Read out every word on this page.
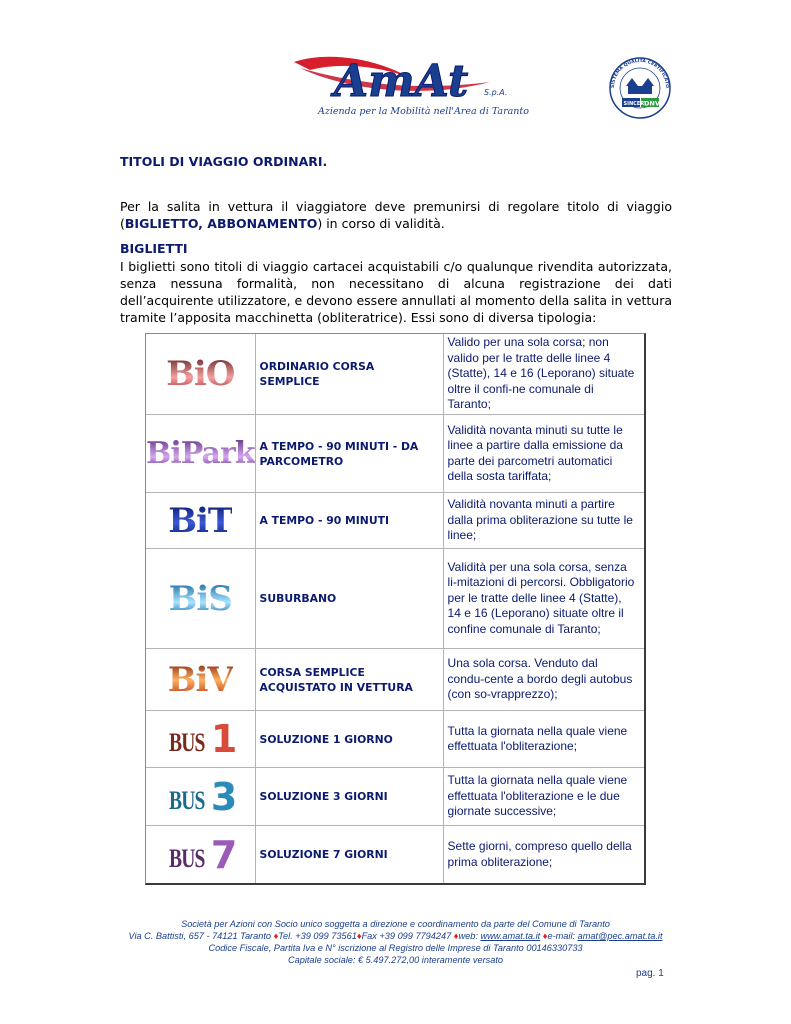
AmAt S.p.A.
Azienda per la Mobilità nell'Area di Taranto
SINCERT
DNV
SISTEMA QUALITÀ CERTIFICATO
TITOLI DI VIAGGIO ORDINARI.
Per la salita in vettura il viaggiatore deve premunirsi di regolare titolo di viaggio (BIGLIETTO, ABBONAMENTO) in corso di validità.
BIGLIETTI
I biglietti sono titoli di viaggio cartacei acquistabili c/o qualunque rivendita autorizzata, senza nessuna formalità, non necessitano di alcuna registrazione dei dati dell’acquirente utilizzatore, e devono essere annullati al momento della salita in vettura tramite l’apposita macchinetta (obliteratrice). Essi sono di diversa tipologia:
BiO	ORDINARIO CORSA SEMPLICE	Valido per una sola corsa; non valido per le tratte delle linee 4 (Statte), 14 e 16 (Leporano) situate oltre il confi-ne comunale di Taranto;
BiPark	A TEMPO - 90 MINUTI - DA PARCOMETRO	Validità novanta minuti su tutte le linee a partire dalla emissione da parte dei parcometri automatici della sosta tariffata;
BiT	A TEMPO - 90 MINUTI	Validità novanta minuti a partire dalla prima obliterazione su tutte le linee;
BiS	SUBURBANO	Validità per una sola corsa, senza li-mitazioni di percorsi. Obbligatorio per le tratte delle linee 4 (Statte), 14 e 16 (Leporano) situate oltre il confine comunale di Taranto;
BiV	CORSA SEMPLICE ACQUISTATO IN VETTURA	Una sola corsa. Venduto dal condu-cente a bordo degli autobus (con so-vrapprezzo);

BUS 1	SOLUZIONE 1 GIORNO	Tutta la giornata nella quale viene effettuata l'obliterazione;

BUS 3	SOLUZIONE 3 GIORNI	Tutta la giornata nella quale viene effettuata l'obliterazione e le due giornate successive;

BUS 7	SOLUZIONE 7 GIORNI	Sette giorni, compreso quello della prima obliterazione;
Società per Azioni con Socio unico soggetta a direzione e coordinamento da parte del Comune di Taranto
Via C. Battisti, 657 - 74121 Taranto ♦Tel. +39 099 73561♦Fax +39 099 7794247 ♦web: www.amat.ta.it ♦e-mail: amat@pec.amat.ta.it
Codice Fiscale, Partita Iva e N° iscrizione al Registro delle Imprese di Taranto 00146330733
Capitale sociale: € 5.497.272,00 interamente versato
pag. 1
